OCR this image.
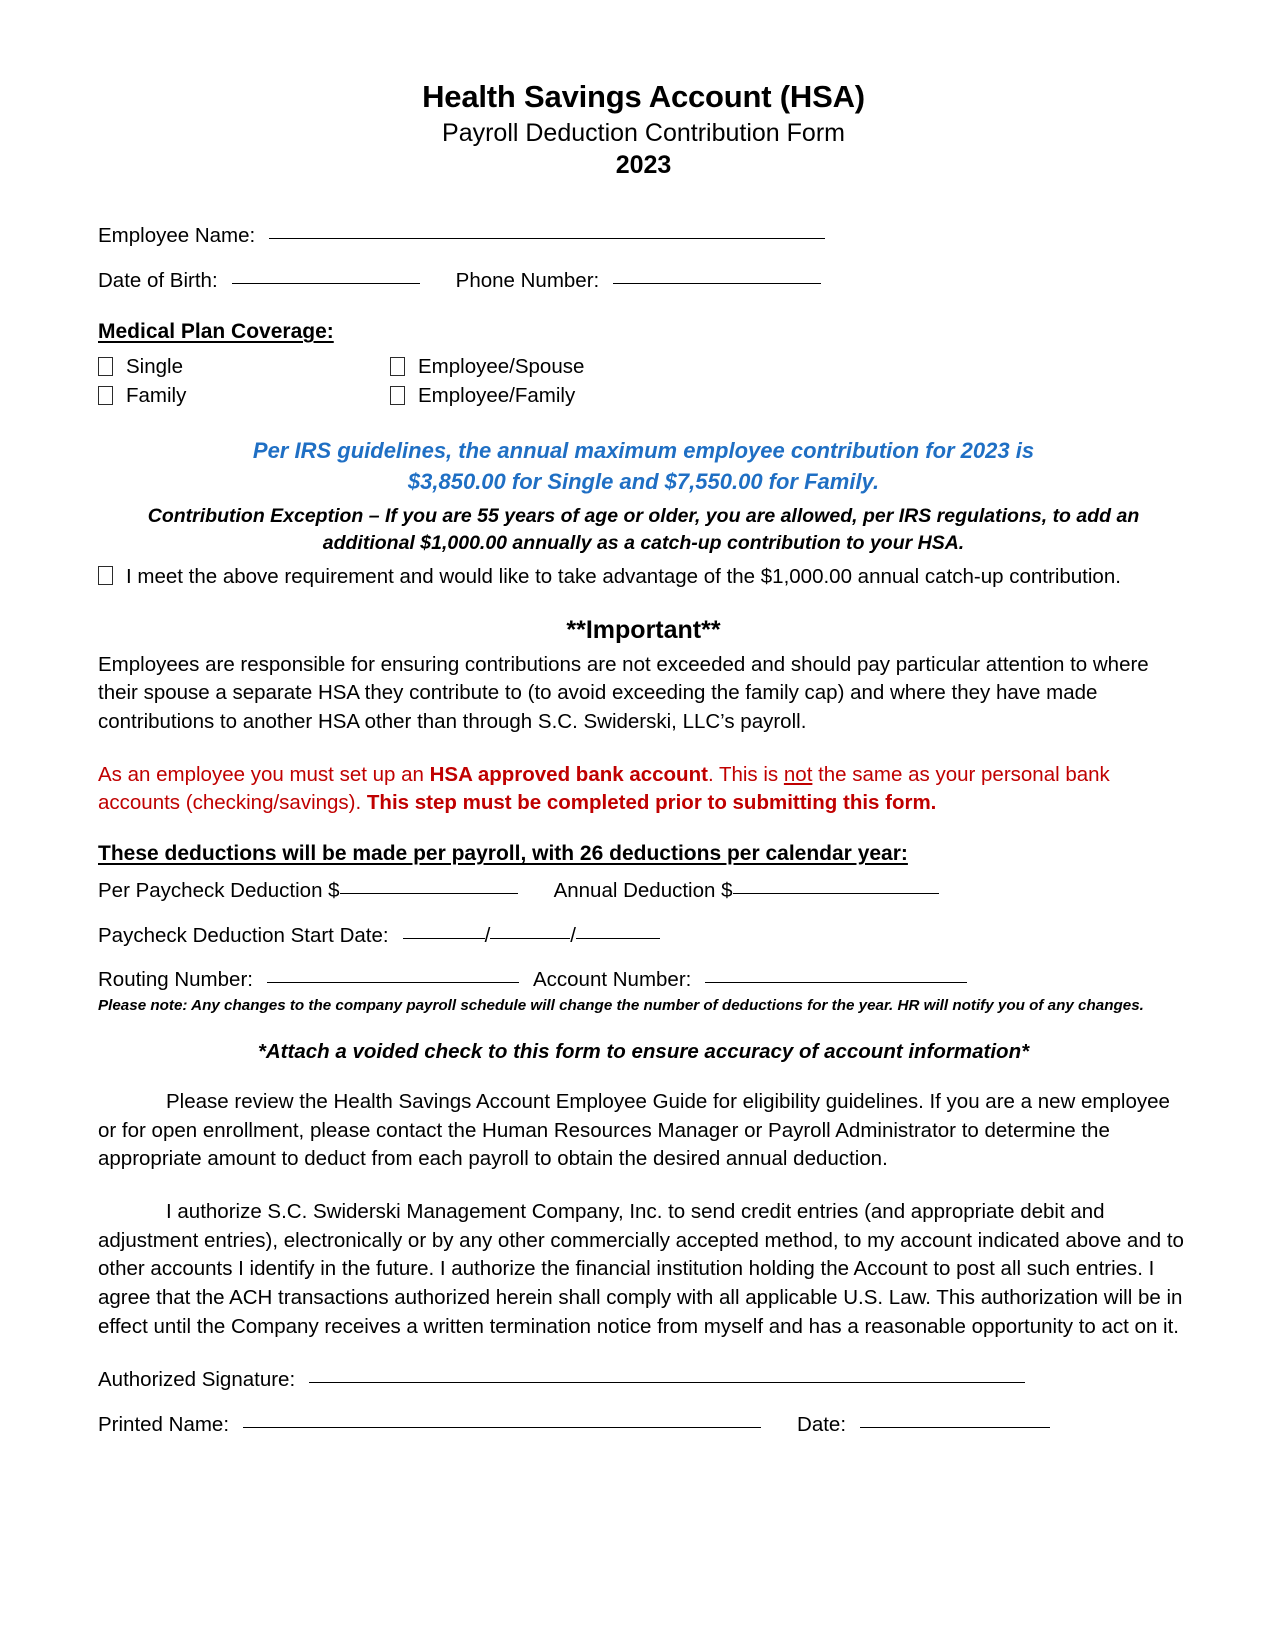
Health Savings Account (HSA)
Payroll Deduction Contribution Form
2023
Employee Name:
Date of Birth:	Phone Number:
Medical Plan Coverage:
Single
Family
Employee/Spouse
Employee/Family
Per IRS guidelines, the annual maximum employee contribution for 2023 is
$3,850.00 for Single and $7,550.00 for Family.
Contribution Exception – If you are 55 years of age or older, you are allowed, per IRS regulations, to add an
additional $1,000.00 annually as a catch-up contribution to your HSA.
I meet the above requirement and would like to take advantage of the $1,000.00 annual catch-up contribution.
**Important**
Employees are responsible for ensuring contributions are not exceeded and should pay particular attention to where their spouse a separate HSA they contribute to (to avoid exceeding the family cap) and where they have made contributions to another HSA other than through S.C. Swiderski, LLC’s payroll.
As an employee you must set up an HSA approved bank account. This is not the same as your personal bank accounts (checking/savings). This step must be completed prior to submitting this form.
These deductions will be made per payroll, with 26 deductions per calendar year:
Per Paycheck Deduction $	Annual Deduction $
Paycheck Deduction Start Date:	/	/
Routing Number:	Account Number:
Please note: Any changes to the company payroll schedule will change the number of deductions for the year. HR will notify you of any changes.
*Attach a voided check to this form to ensure accuracy of account information*
Please review the Health Savings Account Employee Guide for eligibility guidelines. If you are a new employee or for open enrollment, please contact the Human Resources Manager or Payroll Administrator to determine the appropriate amount to deduct from each payroll to obtain the desired annual deduction.
I authorize S.C. Swiderski Management Company, Inc. to send credit entries (and appropriate debit and adjustment entries), electronically or by any other commercially accepted method, to my account indicated above and to other accounts I identify in the future. I authorize the financial institution holding the Account to post all such entries. I agree that the ACH transactions authorized herein shall comply with all applicable U.S. Law. This authorization will be in effect until the Company receives a written termination notice from myself and has a reasonable opportunity to act on it.
Authorized Signature:
Printed Name:	Date:
